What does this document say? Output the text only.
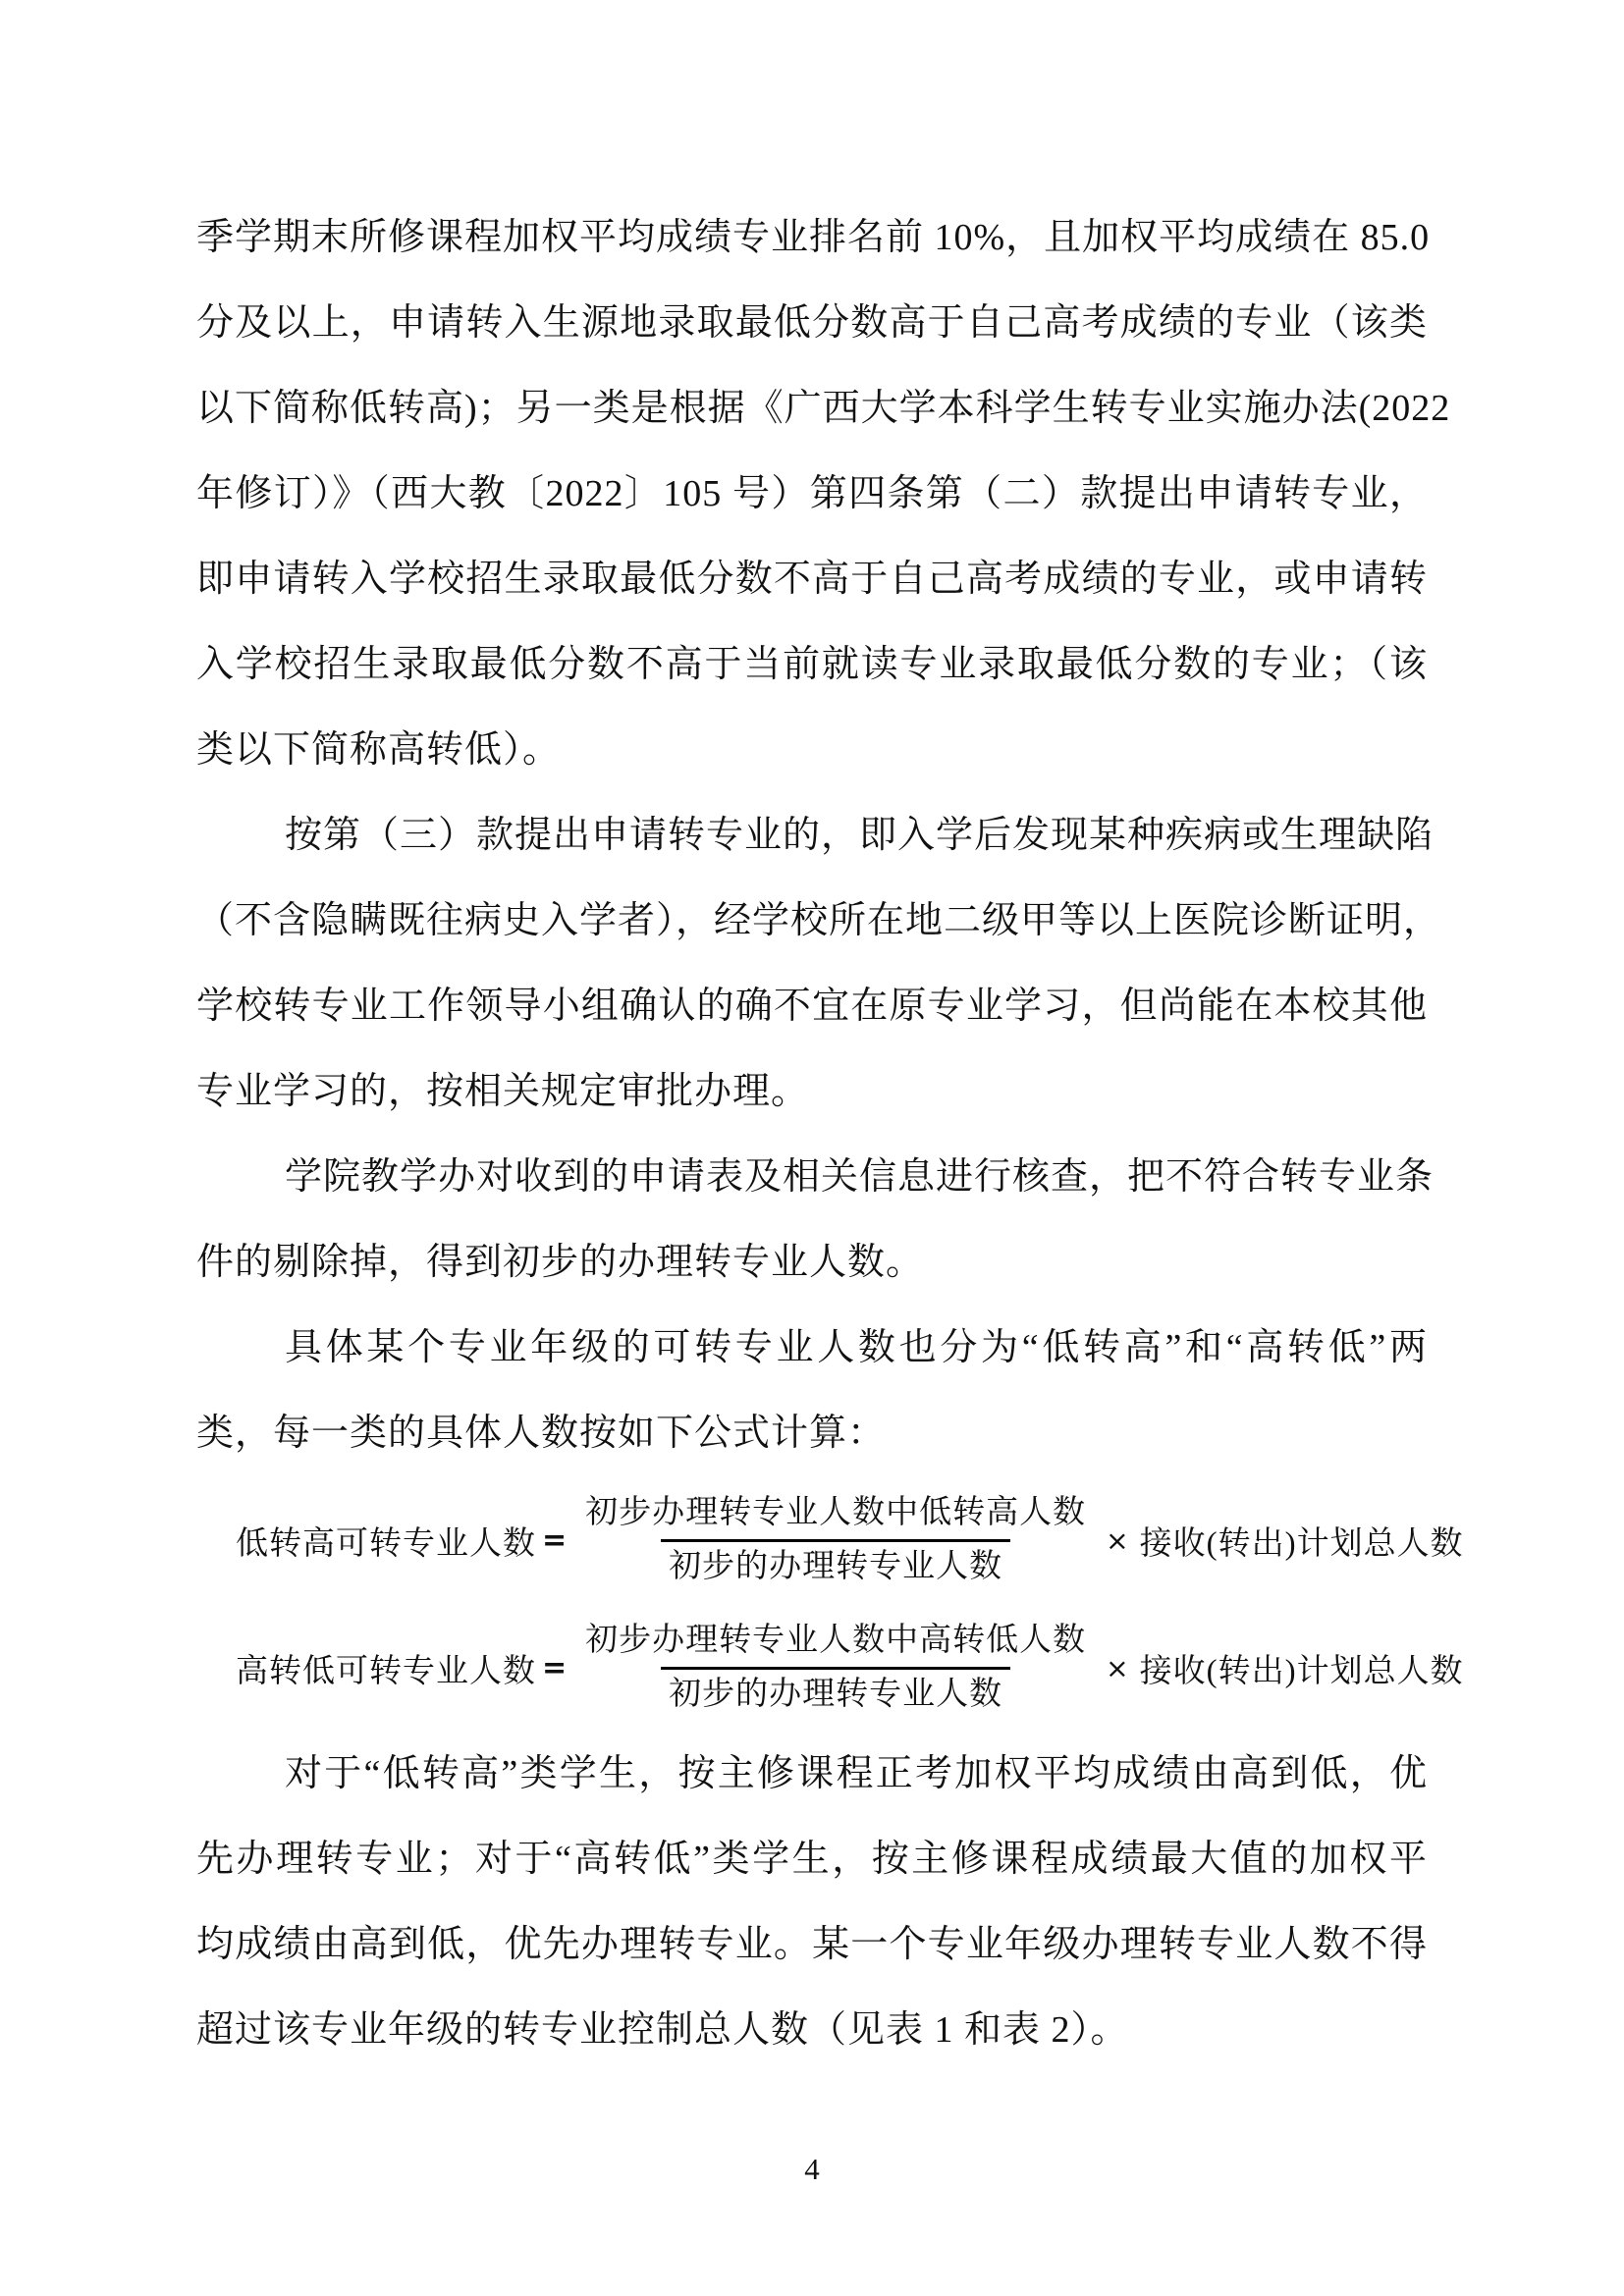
季学期末所修课程加权平均成绩专业排名前 10%，且加权平均成绩在 85.0
分及以上，申请转入生源地录取最低分数高于自己高考成绩的专业（该类
以下简称低转高)；另一类是根据《广西大学本科学生转专业实施办法(2022
年修订）》（西大教〔2022〕105 号）第四条第（二）款提出申请转专业，
即申请转入学校招生录取最低分数不高于自己高考成绩的专业，或申请转
入学校招生录取最低分数不高于当前就读专业录取最低分数的专业；（该
类以下简称高转低）。
按第（三）款提出申请转专业的，即入学后发现某种疾病或生理缺陷
（不含隐瞒既往病史入学者），经学校所在地二级甲等以上医院诊断证明，
学校转专业工作领导小组确认的确不宜在原专业学习，但尚能在本校其他
专业学习的，按相关规定审批办理。
学院教学办对收到的申请表及相关信息进行核查，把不符合转专业条
件的剔除掉，得到初步的办理转专业人数。
具体某个专业年级的可转专业人数也分为“低转高”和“高转低”两
类，每一类的具体人数按如下公式计算：
低转高可转专业人数 = $\frac{\text{初步办理转专业人数中低转高人数}}{\text{初步的办理转专业人数}}$ × 接收(转出)计划总人数
高转低可转专业人数 = $\frac{\text{初步办理转专业人数中高转低人数}}{\text{初步的办理转专业人数}}$ × 接收(转出)计划总人数
对于“低转高”类学生，按主修课程正考加权平均成绩由高到低，优
先办理转专业；对于“高转低”类学生，按主修课程成绩最大值的加权平
均成绩由高到低，优先办理转专业。某一个专业年级办理转专业人数不得
超过该专业年级的转专业控制总人数（见表 1 和表 2）。
4
